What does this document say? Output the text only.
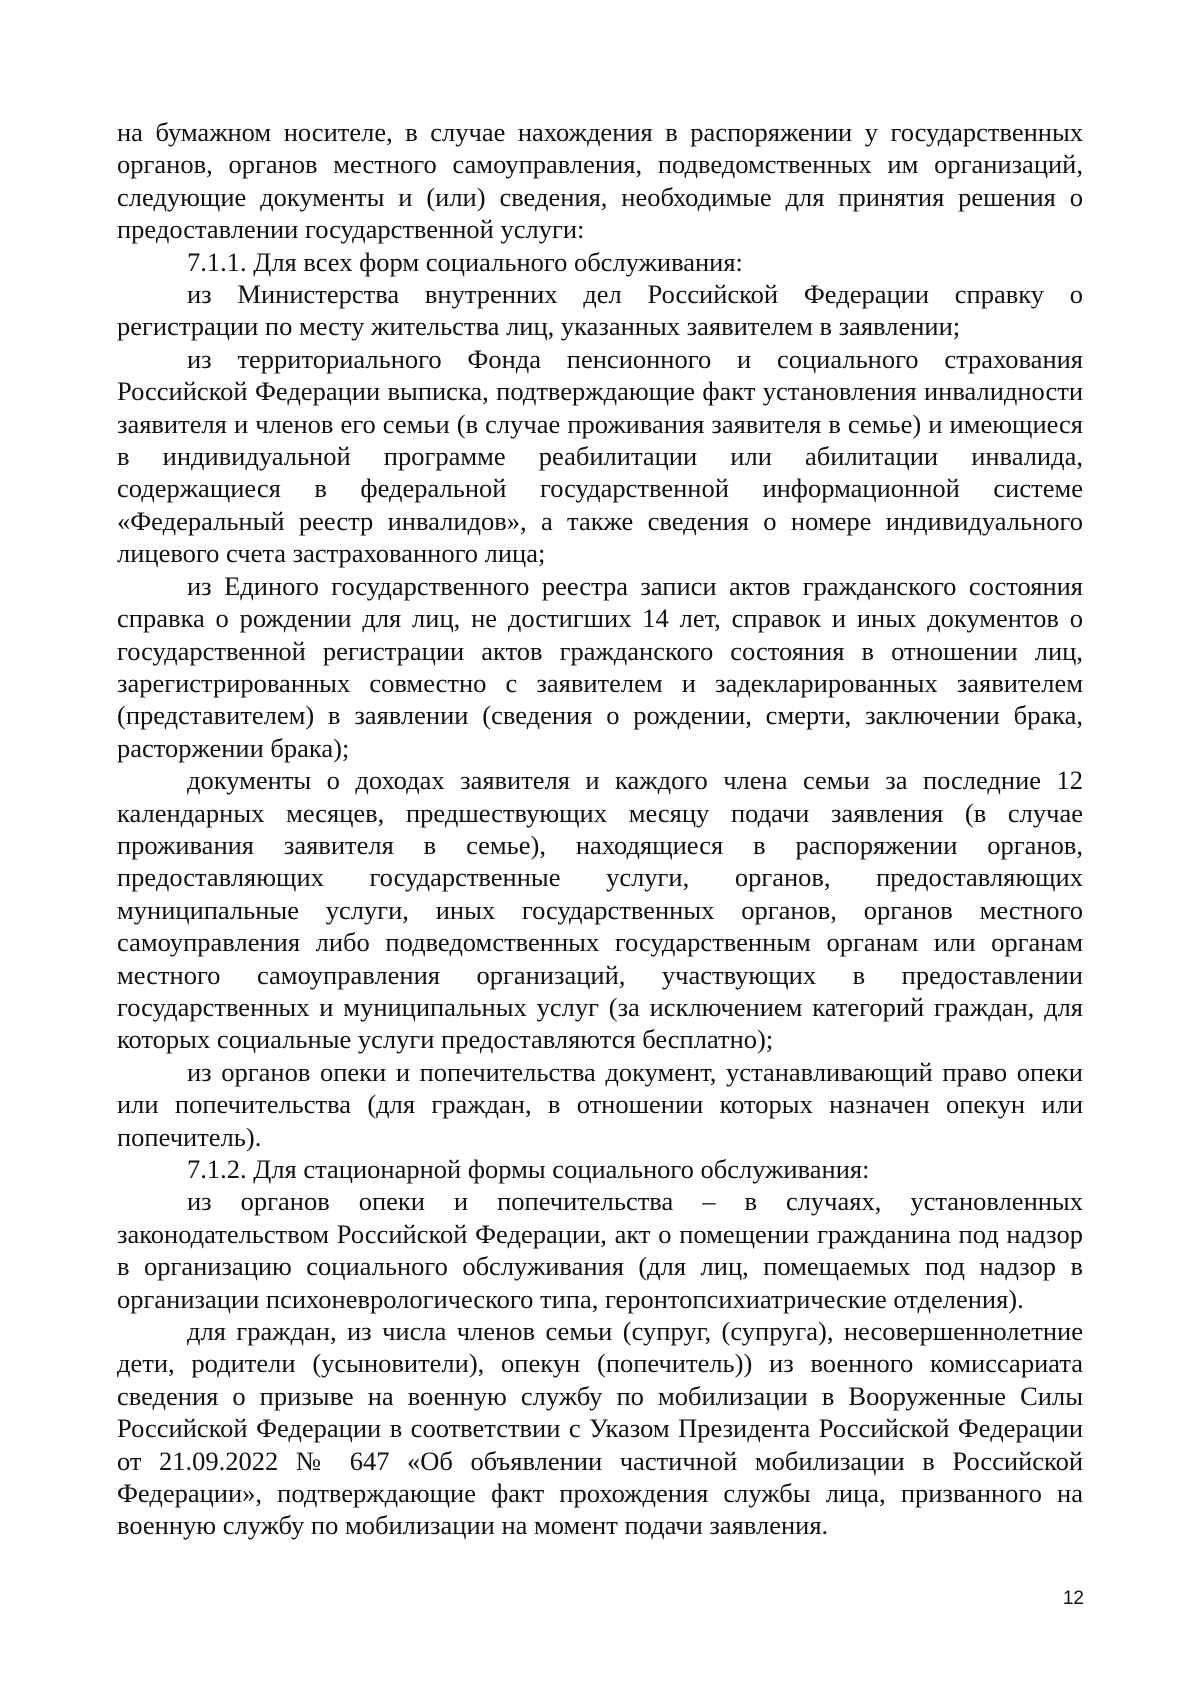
на бумажном носителе, в случае нахождения в распоряжении у государственных органов, органов местного самоуправления, подведомственных им организаций, следующие документы и (или) сведения, необходимые для принятия решения о предоставлении государственной услуги:

7.1.1. Для всех форм социального обслуживания:

из Министерства внутренних дел Российской Федерации справку о регистрации по месту жительства лиц, указанных заявителем в заявлении;

из территориального Фонда пенсионного и социального страхования Российской Федерации выписка, подтверждающие факт установления инвалидности заявителя и членов его семьи (в случае проживания заявителя в семье) и имеющиеся в индивидуальной программе реабилитации или абилитации инвалида, содержащиеся в федеральной государственной информационной системе «Федеральный реестр инвалидов», а также сведения о номере индивидуального лицевого счета застрахованного лица;

из Единого государственного реестра записи актов гражданского состояния справка о рождении для лиц, не достигших 14 лет, справок и иных документов о государственной регистрации актов гражданского состояния в отношении лиц, зарегистрированных совместно с заявителем и задекларированных заявителем (представителем) в заявлении (сведения о рождении, смерти, заключении брака, расторжении брака);

документы о доходах заявителя и каждого члена семьи за последние 12 календарных месяцев, предшествующих месяцу подачи заявления (в случае проживания заявителя в семье), находящиеся в распоряжении органов, предоставляющих государственные услуги, органов, предоставляющих муниципальные услуги, иных государственных органов, органов местного самоуправления либо подведомственных государственным органам или органам местного самоуправления организаций, участвующих в предоставлении государственных и муниципальных услуг (за исключением категорий граждан, для которых социальные услуги предоставляются бесплатно);

из органов опеки и попечительства документ, устанавливающий право опеки или попечительства (для граждан, в отношении которых назначен опекун или попечитель).

7.1.2. Для стационарной формы социального обслуживания:

из органов опеки и попечительства – в случаях, установленных законодательством Российской Федерации, акт о помещении гражданина под надзор в организацию социального обслуживания (для лиц, помещаемых под надзор в организации психоневрологического типа, геронтопсихиатрические отделения).

для граждан, из числа членов семьи (супруг, (супруга), несовершеннолетние дети, родители (усыновители), опекун (попечитель)) из военного комиссариата сведения о призыве на военную службу по мобилизации в Вооруженные Силы Российской Федерации в соответствии с Указом Президента Российской Федерации от 21.09.2022 № 647 «Об объявлении частичной мобилизации в Российской Федерации», подтверждающие факт прохождения службы лица, призванного на военную службу по мобилизации на момент подачи заявления.

12
